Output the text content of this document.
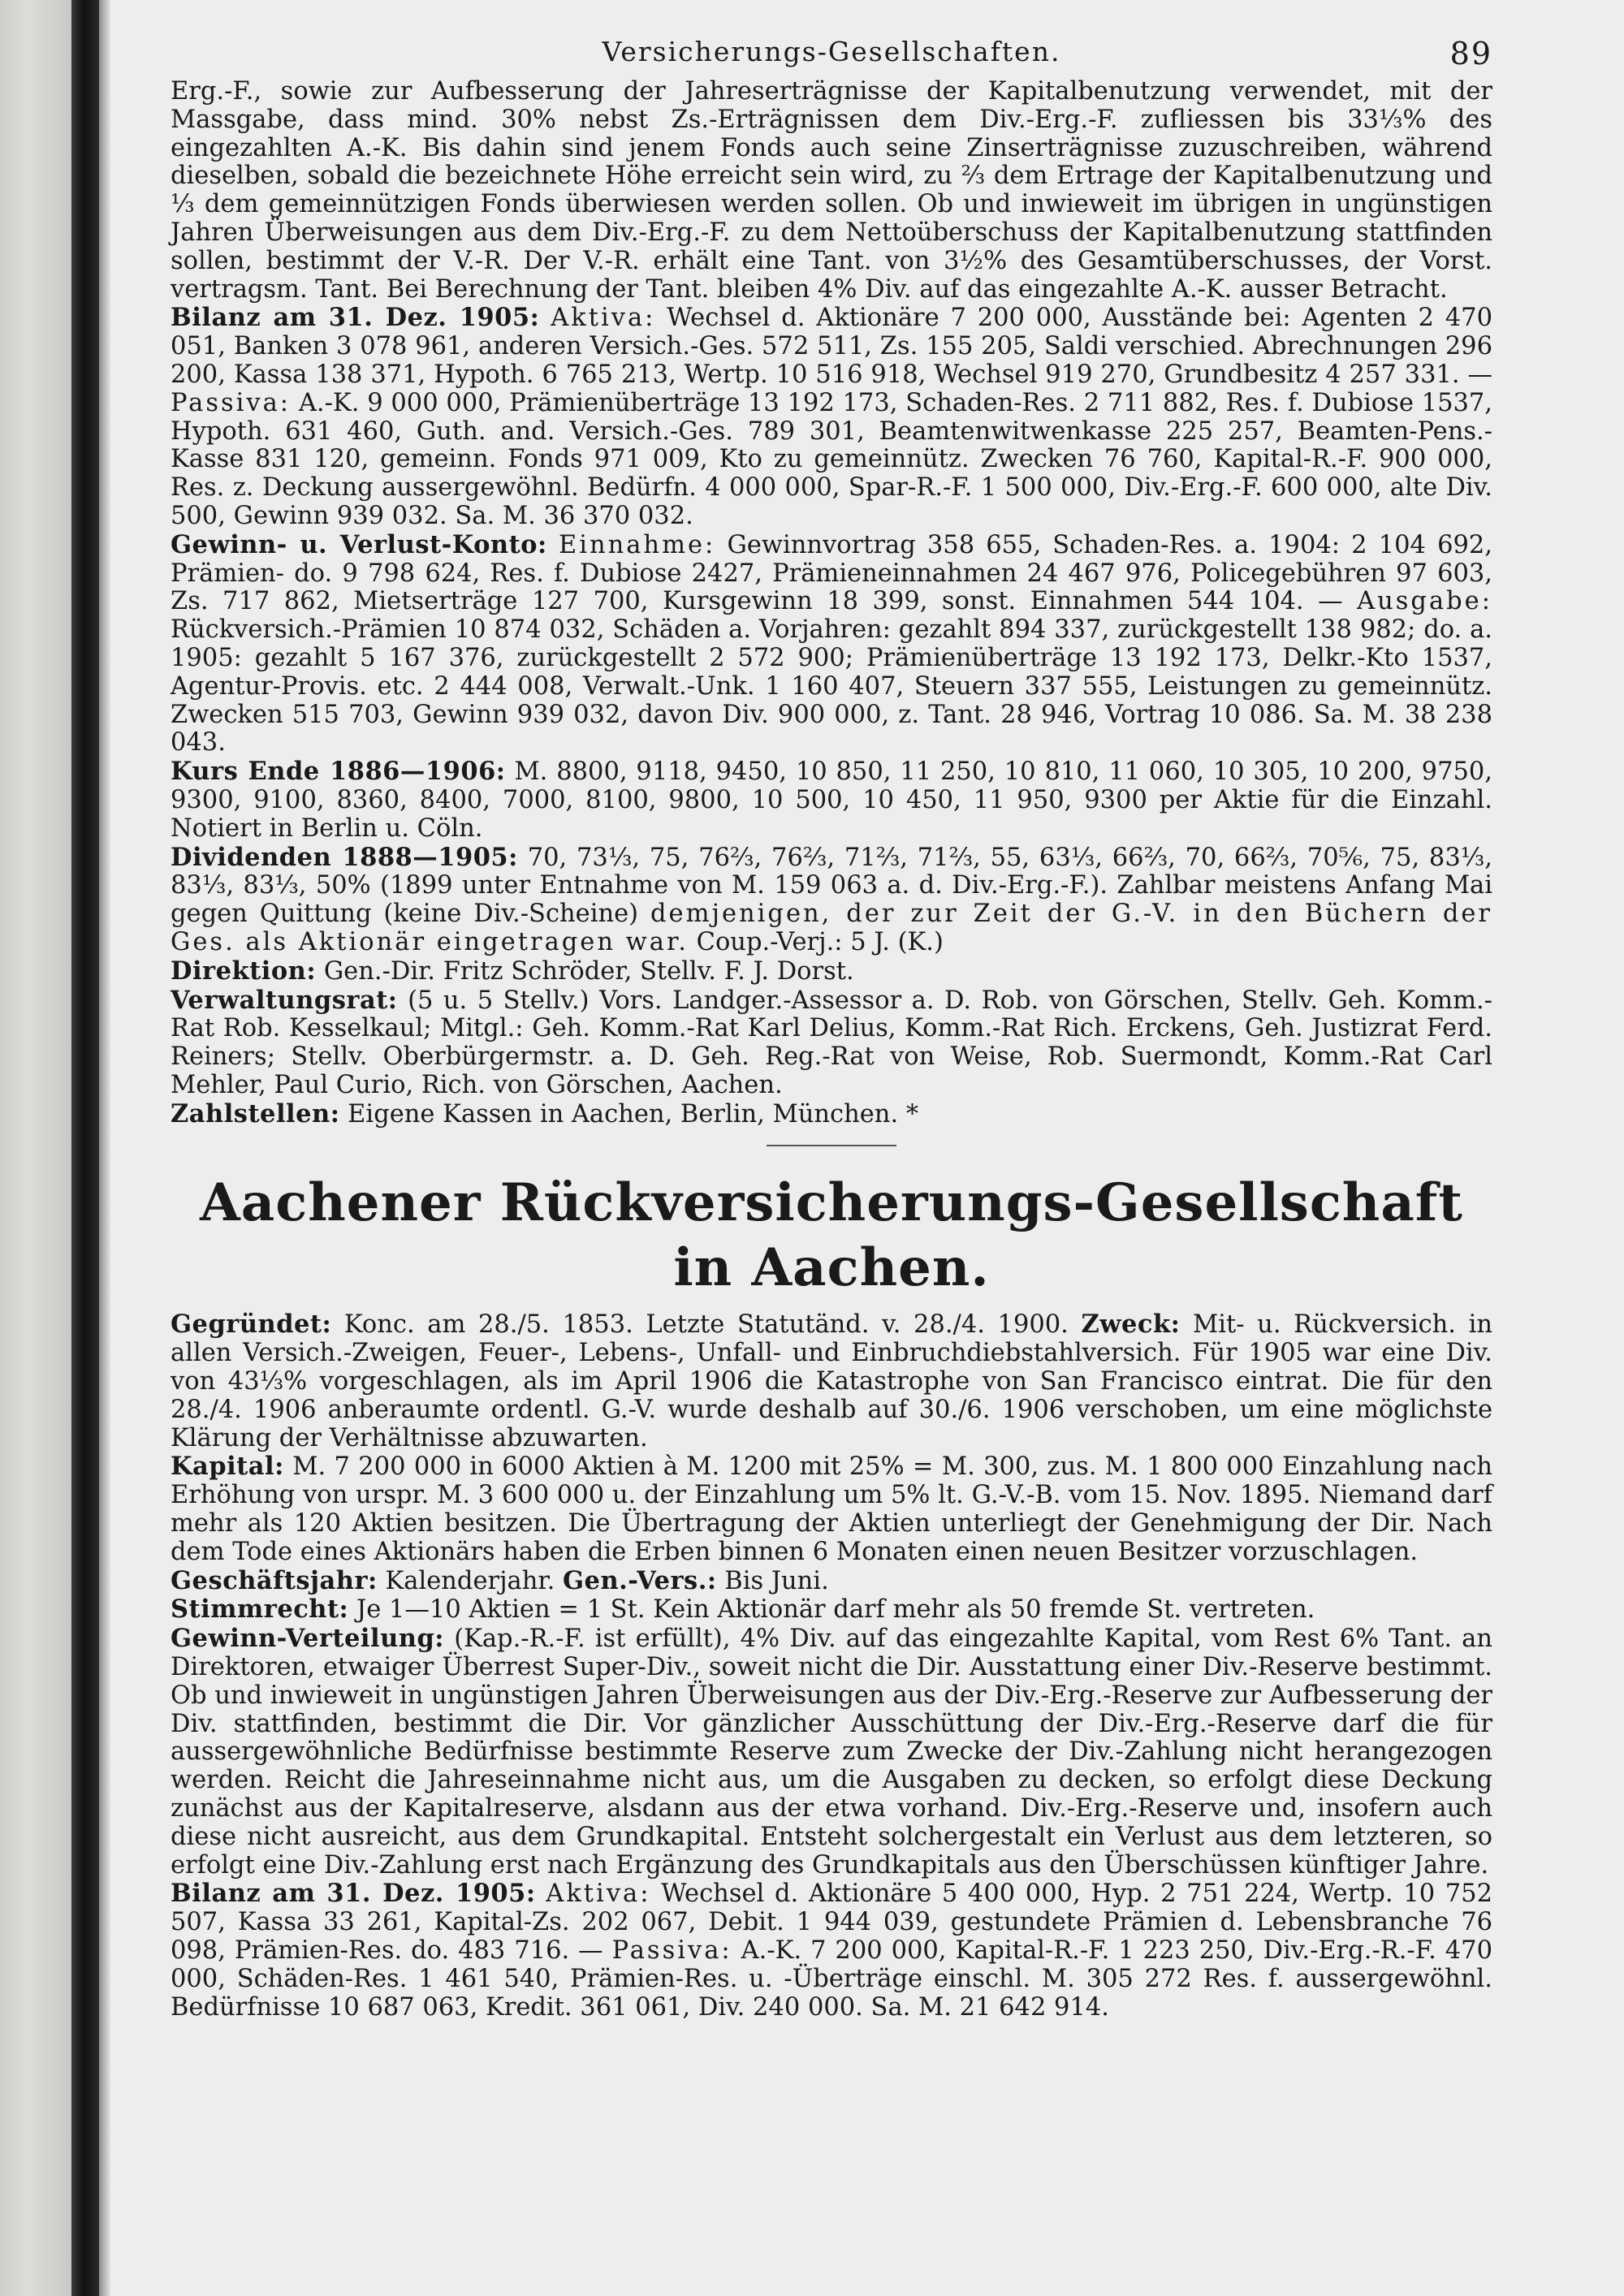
Versicherungs-Gesellschaften.	89

Erg.-F., sowie zur Aufbesserung der Jahreserträgnisse der Kapitalbenutzung verwendet, mit der Massgabe, dass mind. 30% nebst Zs.-Erträgnissen dem Div.-Erg.-F. zufliessen bis 33⅓% des eingezahlten A.-K. Bis dahin sind jenem Fonds auch seine Zinserträgnisse zuzuschreiben, während dieselben, sobald die bezeichnete Höhe erreicht sein wird, zu ⅔ dem Ertrage der Kapitalbenutzung und ⅓ dem gemeinnützigen Fonds überwiesen werden sollen. Ob und inwieweit im übrigen in ungünstigen Jahren Überweisungen aus dem Div.-Erg.-F. zu dem Nettoüberschuss der Kapitalbenutzung stattfinden sollen, bestimmt der V.-R. Der V.-R. erhält eine Tant. von 3½% des Gesamtüberschusses, der Vorst. vertragsm. Tant. Bei Berechnung der Tant. bleiben 4% Div. auf das eingezahlte A.-K. ausser Betracht.

Bilanz am 31. Dez. 1905: Aktiva: Wechsel d. Aktionäre 7 200 000, Ausstände bei: Agenten 2 470 051, Banken 3 078 961, anderen Versich.-Ges. 572 511, Zs. 155 205, Saldi verschied. Abrechnungen 296 200, Kassa 138 371, Hypoth. 6 765 213, Wertp. 10 516 918, Wechsel 919 270, Grundbesitz 4 257 331. — Passiva: A.-K. 9 000 000, Prämienüberträge 13 192 173, Schaden-Res. 2 711 882, Res. f. Dubiose 1537, Hypoth. 631 460, Guth. and. Versich.-Ges. 789 301, Beamtenwitwenkasse 225 257, Beamten-Pens.-Kasse 831 120, gemeinn. Fonds 971 009, Kto zu gemeinnütz. Zwecken 76 760, Kapital-R.-F. 900 000, Res. z. Deckung aussergewöhnl. Bedürfn. 4 000 000, Spar-R.-F. 1 500 000, Div.-Erg.-F. 600 000, alte Div. 500, Gewinn 939 032. Sa. M. 36 370 032.

Gewinn- u. Verlust-Konto: Einnahme: Gewinnvortrag 358 655, Schaden-Res. a. 1904: 2 104 692, Prämien- do. 9 798 624, Res. f. Dubiose 2427, Prämieneinnahmen 24 467 976, Policegebühren 97 603, Zs. 717 862, Mietserträge 127 700, Kursgewinn 18 399, sonst. Einnahmen 544 104. — Ausgabe: Rückversich.-Prämien 10 874 032, Schäden a. Vorjahren: gezahlt 894 337, zurückgestellt 138 982; do. a. 1905: gezahlt 5 167 376, zurückgestellt 2 572 900; Prämienüberträge 13 192 173, Delkr.-Kto 1537, Agentur-Provis. etc. 2 444 008, Verwalt.-Unk. 1 160 407, Steuern 337 555, Leistungen zu gemeinnütz. Zwecken 515 703, Gewinn 939 032, davon Div. 900 000, z. Tant. 28 946, Vortrag 10 086. Sa. M. 38 238 043.

Kurs Ende 1886—1906: M. 8800, 9118, 9450, 10 850, 11 250, 10 810, 11 060, 10 305, 10 200, 9750, 9300, 9100, 8360, 8400, 7000, 8100, 9800, 10 500, 10 450, 11 950, 9300 per Aktie für die Einzahl. Notiert in Berlin u. Cöln.

Dividenden 1888—1905: 70, 73⅓, 75, 76⅔, 76⅔, 71⅔, 71⅔, 55, 63⅓, 66⅔, 70, 66⅔, 70⁵⁄₆, 75, 83⅓, 83⅓, 83⅓, 50% (1899 unter Entnahme von M. 159 063 a. d. Div.-Erg.-F.). Zahlbar meistens Anfang Mai gegen Quittung (keine Div.-Scheine) demjenigen, der zur Zeit der G.-V. in den Büchern der Ges. als Aktionär eingetragen war. Coup.-Verj.: 5 J. (K.)

Direktion: Gen.-Dir. Fritz Schröder, Stellv. F. J. Dorst.

Verwaltungsrat: (5 u. 5 Stellv.) Vors. Landger.-Assessor a. D. Rob. von Görschen, Stellv. Geh. Komm.-Rat Rob. Kesselkaul; Mitgl.: Geh. Komm.-Rat Karl Delius, Komm.-Rat Rich. Erckens, Geh. Justizrat Ferd. Reiners; Stellv. Oberbürgermstr. a. D. Geh. Reg.-Rat von Weise, Rob. Suermondt, Komm.-Rat Carl Mehler, Paul Curio, Rich. von Görschen, Aachen.

Zahlstellen: Eigene Kassen in Aachen, Berlin, München. *

Aachener Rückversicherungs-Gesellschaft in Aachen.

Gegründet: Konc. am 28./5. 1853. Letzte Statutänd. v. 28./4. 1900. Zweck: Mit- u. Rückversich. in allen Versich.-Zweigen, Feuer-, Lebens-, Unfall- und Einbruchdiebstahlversich. Für 1905 war eine Div. von 43⅓% vorgeschlagen, als im April 1906 die Katastrophe von San Francisco eintrat. Die für den 28./4. 1906 anberaumte ordentl. G.-V. wurde deshalb auf 30./6. 1906 verschoben, um eine möglichste Klärung der Verhältnisse abzuwarten.

Kapital: M. 7 200 000 in 6000 Aktien à M. 1200 mit 25% = M. 300, zus. M. 1 800 000 Einzahlung nach Erhöhung von urspr. M. 3 600 000 u. der Einzahlung um 5% lt. G.-V.-B. vom 15. Nov. 1895. Niemand darf mehr als 120 Aktien besitzen. Die Übertragung der Aktien unterliegt der Genehmigung der Dir. Nach dem Tode eines Aktionärs haben die Erben binnen 6 Monaten einen neuen Besitzer vorzuschlagen.

Geschäftsjahr: Kalenderjahr. Gen.-Vers.: Bis Juni.

Stimmrecht: Je 1—10 Aktien = 1 St. Kein Aktionär darf mehr als 50 fremde St. vertreten.

Gewinn-Verteilung: (Kap.-R.-F. ist erfüllt), 4% Div. auf das eingezahlte Kapital, vom Rest 6% Tant. an Direktoren, etwaiger Überrest Super-Div., soweit nicht die Dir. Ausstattung einer Div.-Reserve bestimmt. Ob und inwieweit in ungünstigen Jahren Überweisungen aus der Div.-Erg.-Reserve zur Aufbesserung der Div. stattfinden, bestimmt die Dir. Vor gänzlicher Ausschüttung der Div.-Erg.-Reserve darf die für aussergewöhnliche Bedürfnisse bestimmte Reserve zum Zwecke der Div.-Zahlung nicht herangezogen werden. Reicht die Jahreseinnahme nicht aus, um die Ausgaben zu decken, so erfolgt diese Deckung zunächst aus der Kapitalreserve, alsdann aus der etwa vorhand. Div.-Erg.-Reserve und, insofern auch diese nicht ausreicht, aus dem Grundkapital. Entsteht solchergestalt ein Verlust aus dem letzteren, so erfolgt eine Div.-Zahlung erst nach Ergänzung des Grundkapitals aus den Überschüssen künftiger Jahre.

Bilanz am 31. Dez. 1905: Aktiva: Wechsel d. Aktionäre 5 400 000, Hyp. 2 751 224, Wertp. 10 752 507, Kassa 33 261, Kapital-Zs. 202 067, Debit. 1 944 039, gestundete Prämien d. Lebensbranche 76 098, Prämien-Res. do. 483 716. — Passiva: A.-K. 7 200 000, Kapital-R.-F. 1 223 250, Div.-Erg.-R.-F. 470 000, Schäden-Res. 1 461 540, Prämien-Res. u. -Überträge einschl. M. 305 272 Res. f. aussergewöhnl. Bedürfnisse 10 687 063, Kredit. 361 061, Div. 240 000. Sa. M. 21 642 914.
